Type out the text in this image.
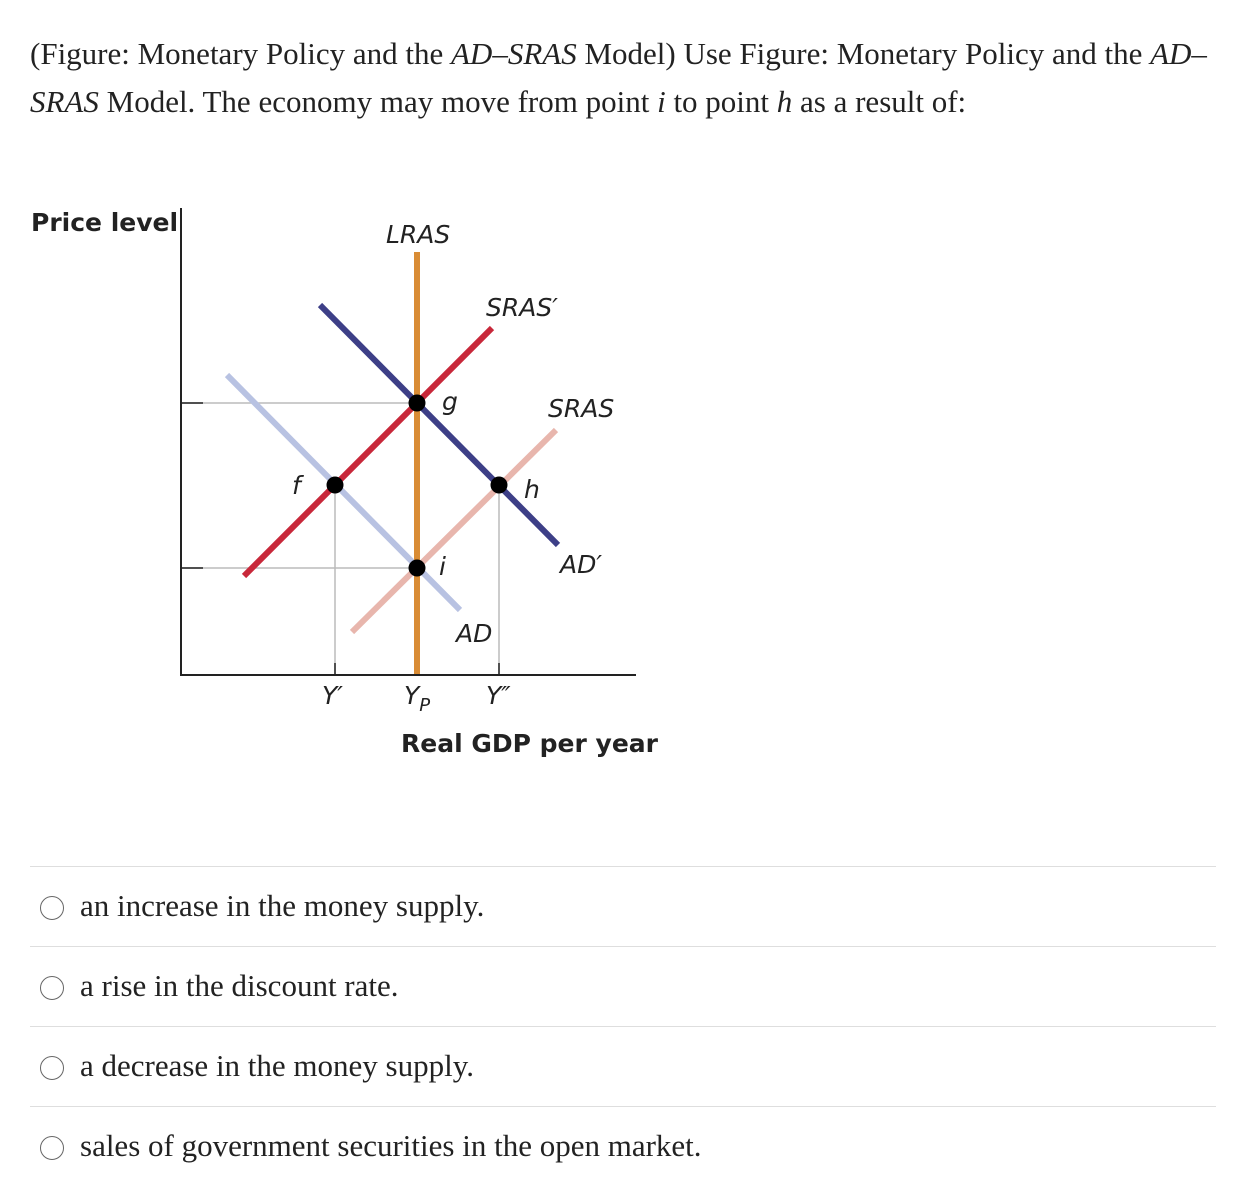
(Figure: Monetary Policy and the AD–SRAS Model) Use Figure: Monetary Policy and the AD–SRAS Model. The economy may move from point i to point h as a result of:
Price level
Real GDP per year
LRAS
SRAS′
SRAS
AD′
AD
g
f	h
i
Y′ $Y_P$ Y″
an increase in the money supply.
a rise in the discount rate.
a decrease in the money supply.
sales of government securities in the open market.
